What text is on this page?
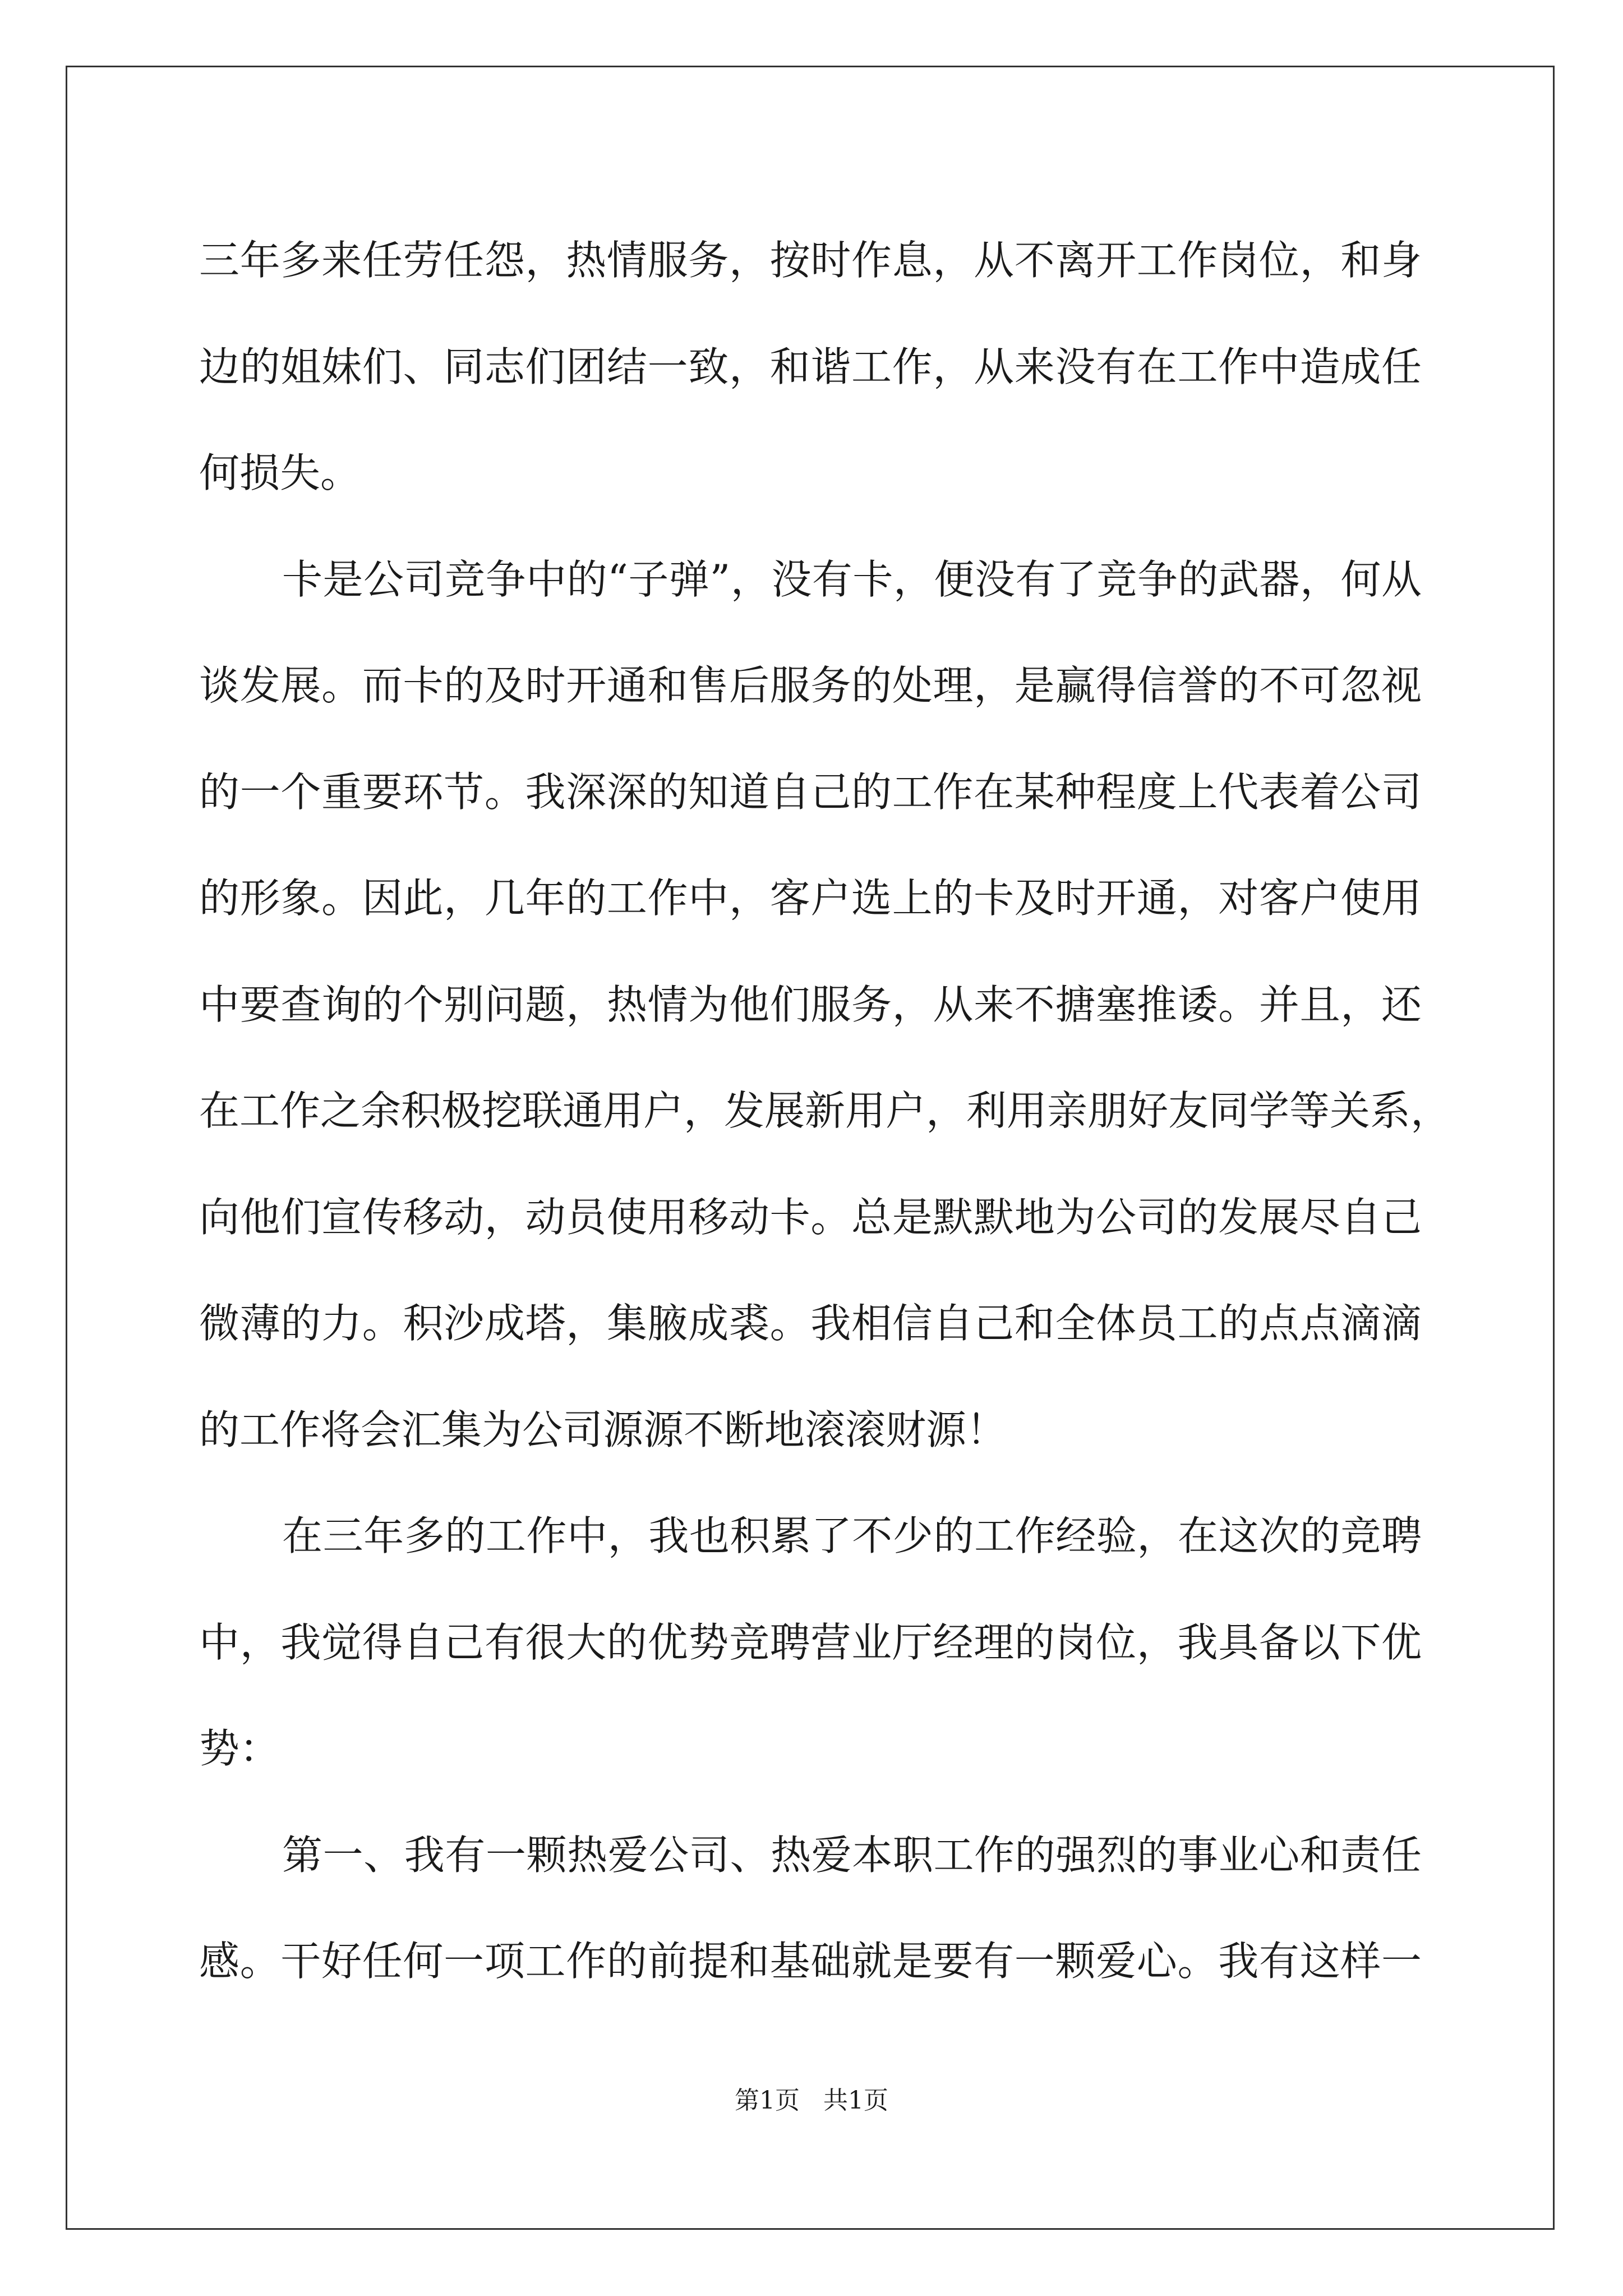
三年多来任劳任怨，热情服务，按时作息，从不离开工作岗位，和身
边的姐妹们、同志们团结一致，和谐工作，从来没有在工作中造成任
何损失。
卡是公司竞争中的“子弹”，没有卡，便没有了竞争的武器，何从
谈发展。而卡的及时开通和售后服务的处理，是赢得信誉的不可忽视
的一个重要环节。我深深的知道自己的工作在某种程度上代表着公司
的形象。因此，几年的工作中，客户选上的卡及时开通，对客户使用
中要查询的个别问题，热情为他们服务，从来不搪塞推诿。并且，还
在工作之余积极挖联通用户，发展新用户，利用亲朋好友同学等关系，
向他们宣传移动，动员使用移动卡。总是默默地为公司的发展尽自己
微薄的力。积沙成塔，集腋成裘。我相信自己和全体员工的点点滴滴
的工作将会汇集为公司源源不断地滚滚财源！
在三年多的工作中，我也积累了不少的工作经验，在这次的竞聘
中，我觉得自己有很大的优势竞聘营业厅经理的岗位，我具备以下优
势：
第一、我有一颗热爱公司、热爱本职工作的强烈的事业心和责任
感。干好任何一项工作的前提和基础就是要有一颗爱心。我有这样一
第1页 共1页
